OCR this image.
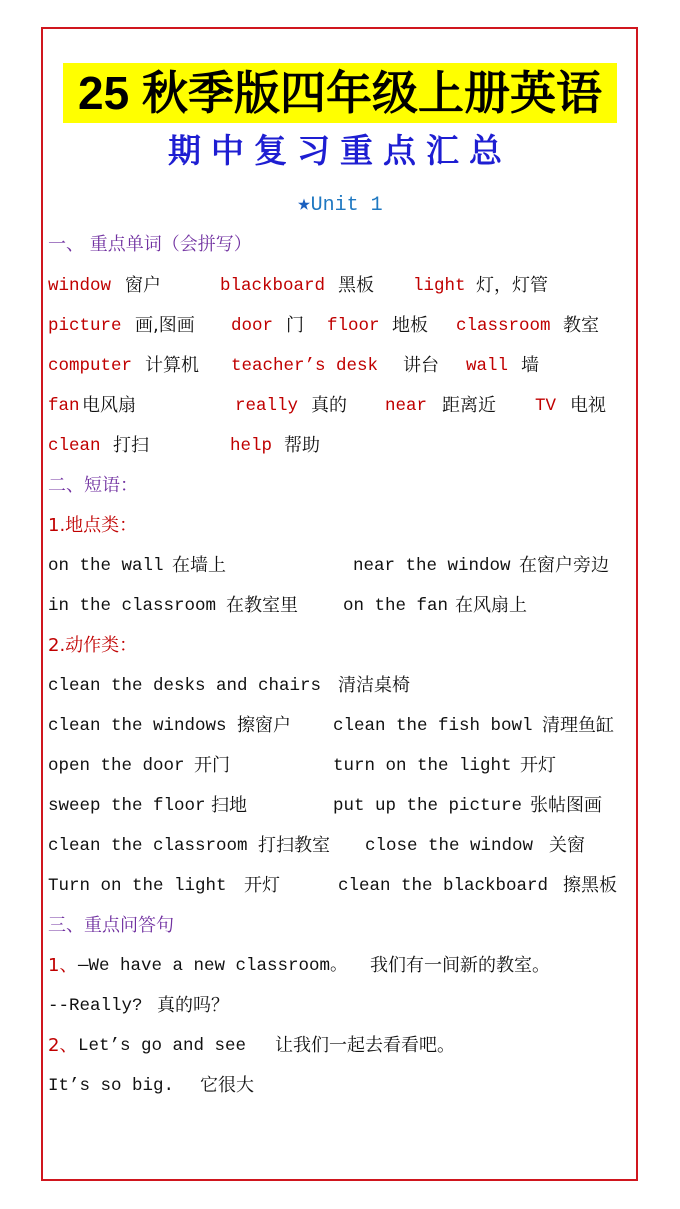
25 秋季版四年级上册英语
期中复习重点汇总
★Unit 1
一、 重点单词（会拼写）
window 窗户	blackboard 黑板 light 灯，灯管
picture 画,图画 door 门 floor 地板 classroom 教室
computer 计算机 teacher’s desk 讲台 wall 墙
fan 电风扇	really 真的 near 距离近 TV 电视
clean 打扫	help 帮助
二、短语：
1.地点类：
on the wall 在墙上	near the window 在窗户旁边
in the classroom 在教室里	on the fan 在风扇上
2.动作类：
clean the desks and chairs 清洁桌椅
clean the windows 擦窗户 clean the fish bowl 清理鱼缸
open the door 开门	turn on the light 开灯
sweep the floor 扫地	put up the picture 张帖图画
clean the classroom 打扫教室 close the window 关窗
Turn on the light 开灯	clean the blackboard 擦黑板
三、重点问答句
1、 —We have a new classroom。 我们有一间新的教室。
--Really? 真的吗？
2、 Let’s go and see 让我们一起去看看吧。
It’s so big. 它很大
